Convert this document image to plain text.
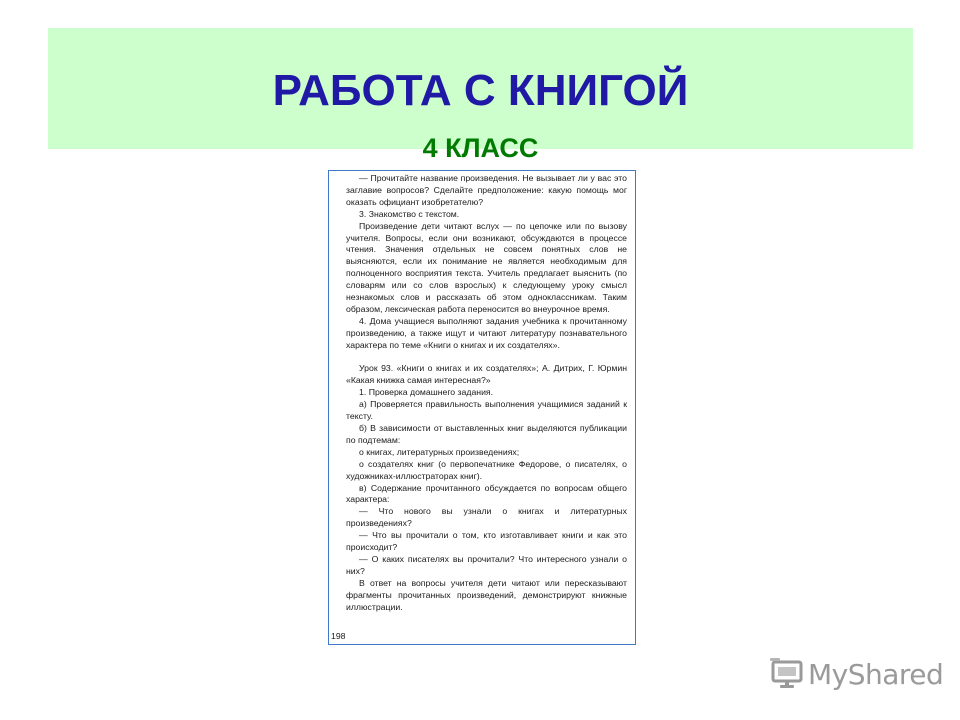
РАБОТА С КНИГОЙ
4 КЛАСС

— Прочитайте название произведения. Не вызывает ли у вас это заглавие вопросов? Сделайте предположение: какую помощь мог оказать официант изобретателю?

3. Знакомство с текстом.

Произведение дети читают вслух — по цепочке или по вызову учителя. Вопросы, если они возникают, обсуждаются в процессе чтения. Значения отдельных не совсем понятных слов не выясняются, если их понимание не является необходимым для полноценного восприятия текста. Учитель предлагает выяснить (по словарям или со слов взрослых) к следующему уроку смысл незнакомых слов и рассказать об этом одноклассникам. Таким образом, лексическая работа переносится во внеурочное время.

4. Дома учащиеся выполняют задания учебника к прочитанному произведению, а также ищут и читают литературу познавательного характера по теме «Книги о книгах и их создателях».

Урок 93. «Книги о книгах и их создателях»; А. Дитрих, Г. Юрмин «Какая книжка самая интересная?»

1. Проверка домашнего задания.

а) Проверяется правильность выполнения учащимися заданий к тексту.

б) В зависимости от выставленных книг выделяются публикации по подтемам:

о книгах, литературных произведениях;

о создателях книг (о первопечатнике Федорове, о писателях, о художниках-иллюстраторах книг).

в) Содержание прочитанного обсуждается по вопросам общего характера:

— Что нового вы узнали о книгах и литературных произведениях?

— Что вы прочитали о том, кто изготавливает книги и как это происходит?

— О каких писателях вы прочитали? Что интересного узнали о них?

В ответ на вопросы учителя дети читают или пересказывают фрагменты прочитанных произведений, демонстрируют книжные иллюстрации.

198
MyShared
